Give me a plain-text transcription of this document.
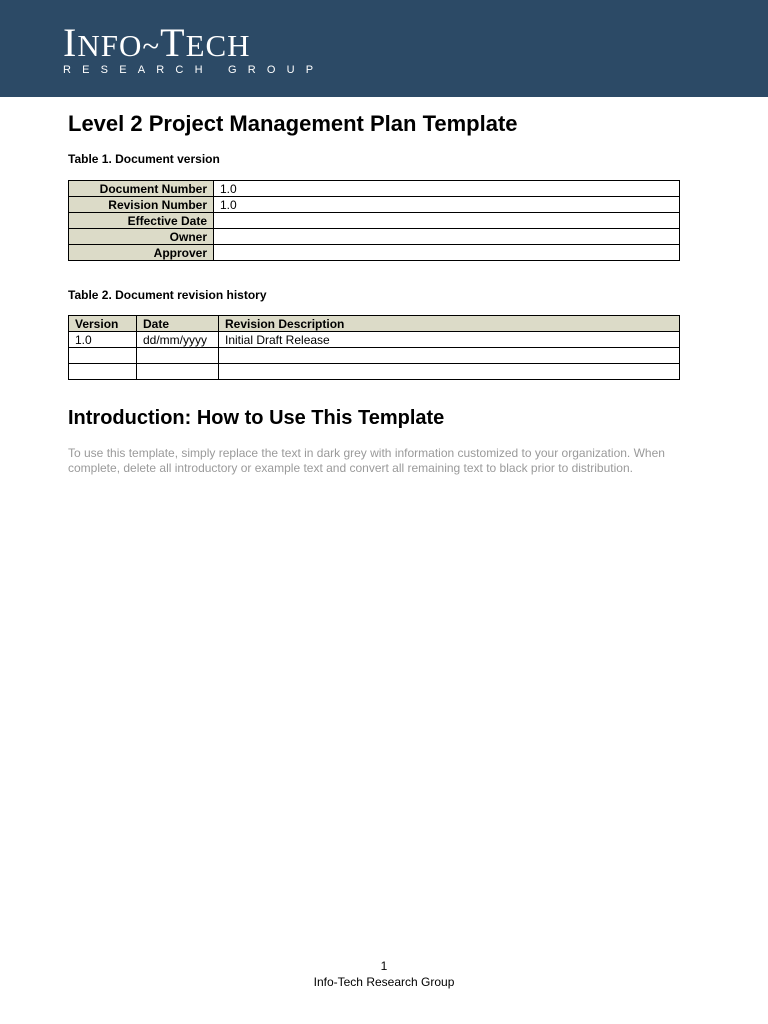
INFO~TECH
RESEARCH GROUP
Level 2 Project Management Plan Template
Table 1. Document version
Document Number	1.0
Revision Number	1.0
Effective Date	
Owner	
Approver	
Table 2. Document revision history
Version	Date	Revision Description
1.0	dd/mm/yyyy	Initial Draft Release

Introduction: How to Use This Template

To use this template, simply replace the text in dark grey with information customized to your organization. When complete, delete all introductory or example text and convert all remaining text to black prior to distribution.

1
Info-Tech Research Group
